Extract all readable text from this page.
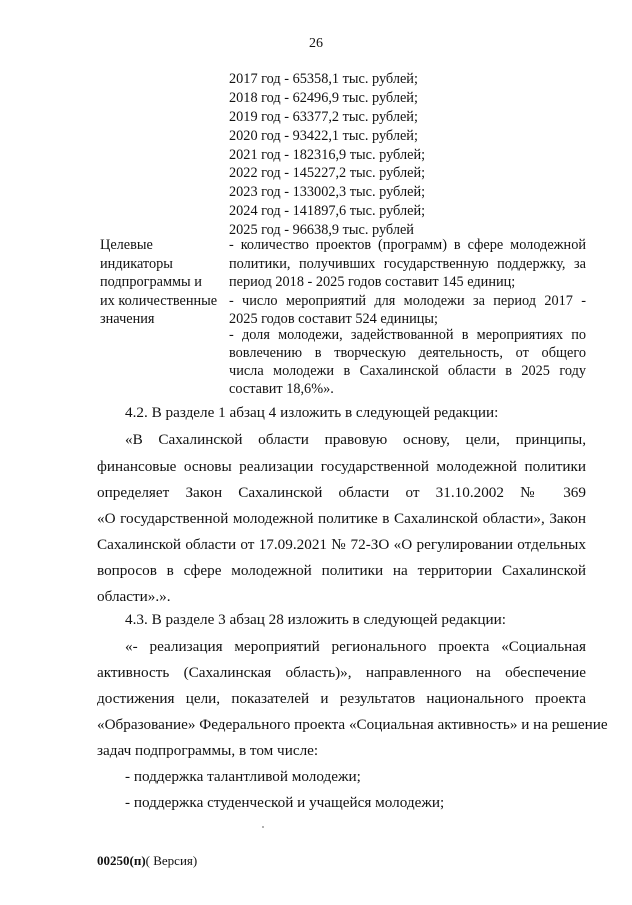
26
2017 год - 65358,1 тыс. рублей;
2018 год - 62496,9 тыс. рублей;
2019 год - 63377,2 тыс. рублей;
2020 год - 93422,1 тыс. рублей;
2021 год - 182316,9 тыс. рублей;
2022 год - 145227,2 тыс. рублей;
2023 год - 133002,3 тыс. рублей;
2024 год - 141897,6 тыс. рублей;
2025 год - 96638,9 тыс. рублей
Целевые
индикаторы
подпрограммы и
их количественные
значения
- количество проектов (программ) в сфере молодежной
политики, получивших государственную поддержку, за
период 2018 - 2025 годов составит 145 единиц;
- число мероприятий для молодежи за период 2017 -
2025 годов составит 524 единицы;
- доля молодежи, задействованной в мероприятиях по
вовлечению в творческую деятельность, от общего
числа молодежи в Сахалинской области в 2025 году
составит 18,6%».
4.2. В разделе 1 абзац 4 изложить в следующей редакции:
«В Сахалинской области правовую основу, цели, принципы,
финансовые основы реализации государственной молодежной политики
определяет Закон Сахалинской области от 31.10.2002 № 369
«О государственной молодежной политике в Сахалинской области», Закон
Сахалинской области от 17.09.2021 № 72-ЗО «О регулировании отдельных
вопросов в сфере молодежной политики на территории Сахалинской
области».».
4.3. В разделе 3 абзац 28 изложить в следующей редакции:
«- реализация мероприятий регионального проекта «Социальная
активность (Сахалинская область)», направленного на обеспечение
достижения цели, показателей и результатов национального проекта
«Образование» Федерального проекта «Социальная активность» и на решение
задач подпрограммы, в том числе:
- поддержка талантливой молодежи;
- поддержка студенческой и учащейся молодежи;
00250(п)( Версия)
